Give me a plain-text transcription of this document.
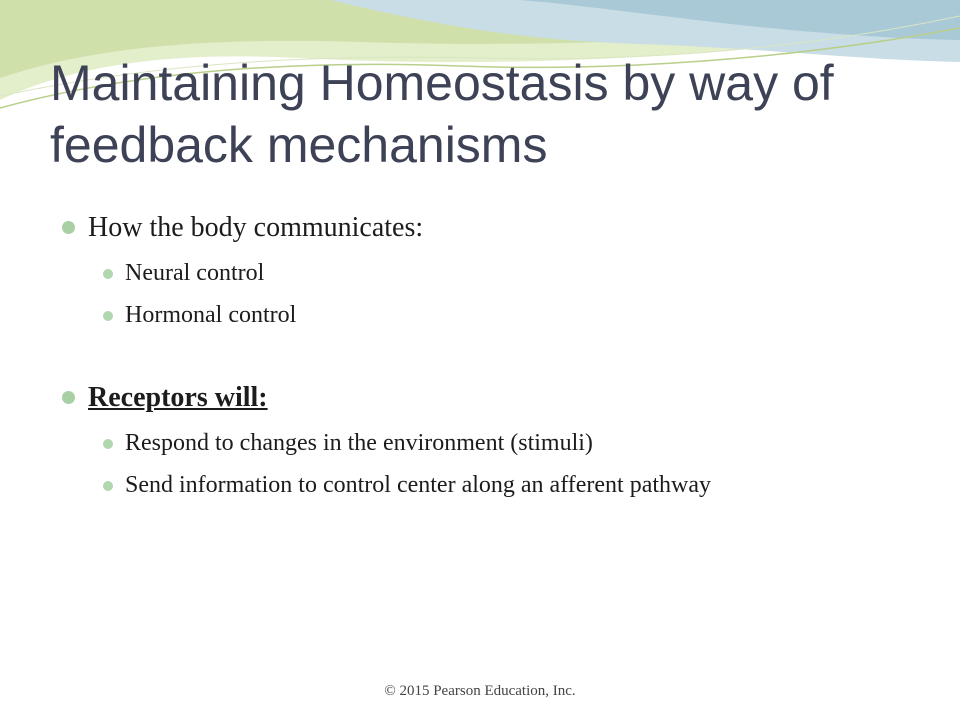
Maintaining Homeostasis by way of feedback mechanisms
How the body communicates:
Neural control
Hormonal control
Receptors will:
Respond to changes in the environment (stimuli)
Send information to control center along an afferent pathway
© 2015 Pearson Education, Inc.
